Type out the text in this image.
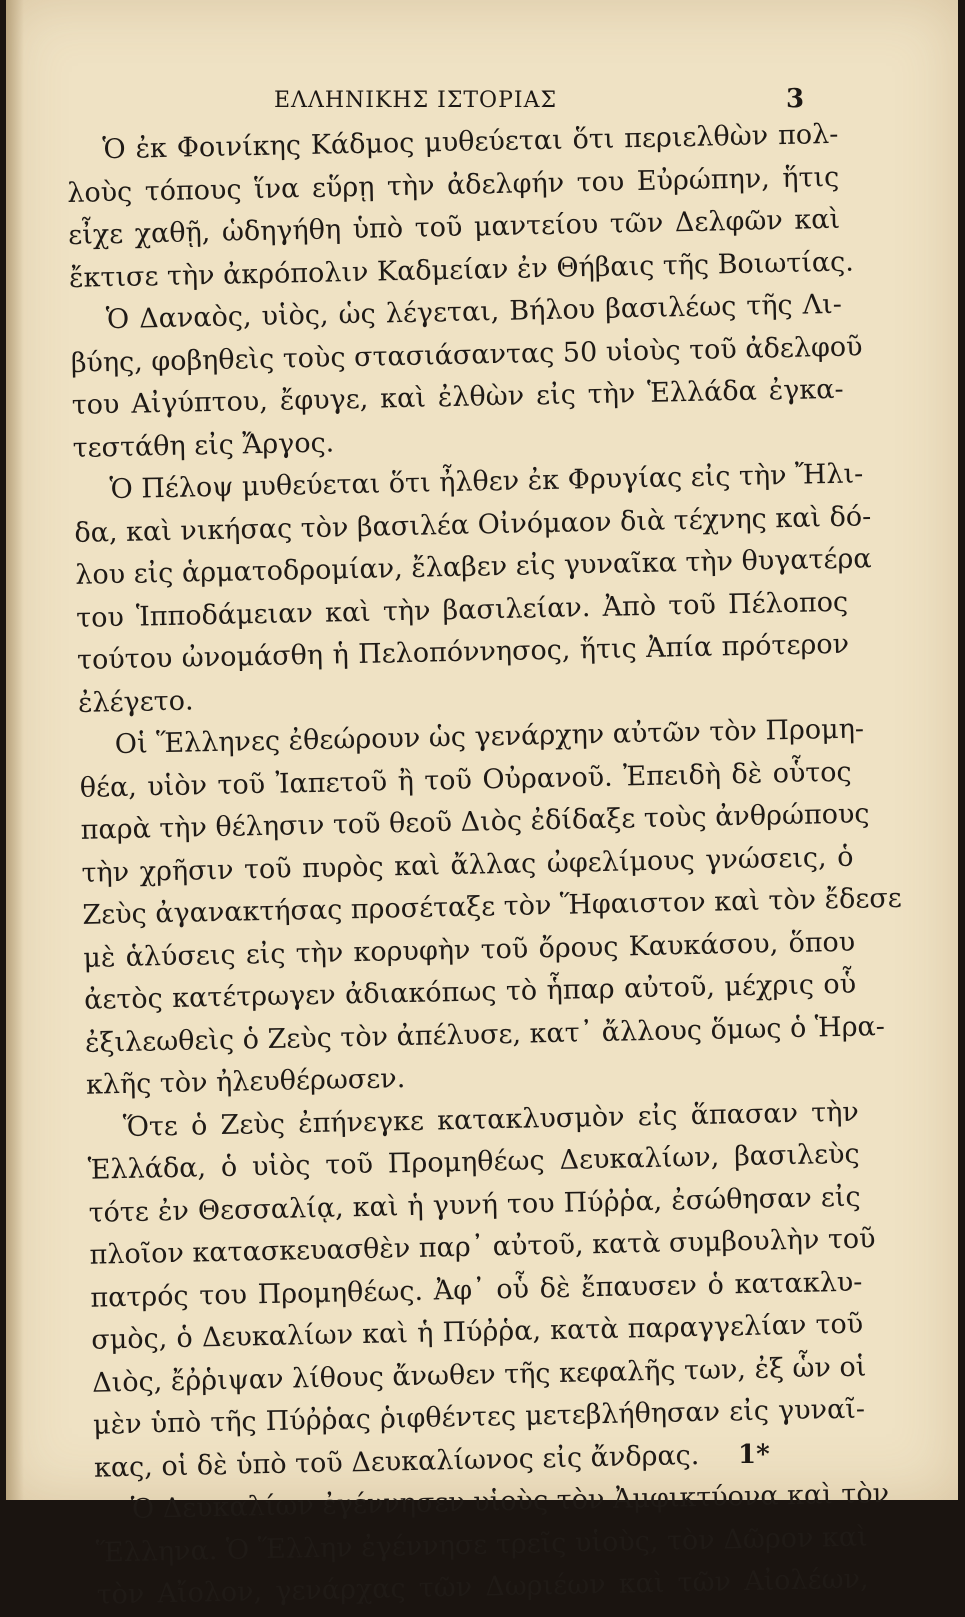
ΕΛΛΗΝΙΚΗΣ ΙΣΤΟΡΙΑΣ	3
Ὁ ἐκ Φοινίκης Κάδμος μυθεύεται ὅτι περιελθὼν πολ-
λοὺς τόπους ἵνα εὕρῃ τὴν ἀδελφήν του Εὐρώπην, ἥτις
εἶχε χαθῇ, ὡδηγήθη ὑπὸ τοῦ μαντείου τῶν Δελφῶν καὶ
ἔκτισε τὴν ἀκρόπολιν Καδμείαν ἐν Θήβαις τῆς Βοιωτίας.
Ὁ Δαναὸς, υἱὸς, ὡς λέγεται, Βήλου βασιλέως τῆς Λι-
βύης, φοβηθεὶς τοὺς στασιάσαντας 50 υἱοὺς τοῦ ἀδελφοῦ
του Αἰγύπτου, ἔφυγε, καὶ ἐλθὼν εἰς τὴν Ἑλλάδα ἐγκα-
τεστάθη εἰς Ἄργος.
Ὁ Πέλοψ μυθεύεται ὅτι ἦλθεν ἐκ Φρυγίας εἰς τὴν Ἤλι-
δα, καὶ νικήσας τὸν βασιλέα Οἰνόμαον διὰ τέχνης καὶ δό-
λου εἰς ἁρματοδρομίαν, ἔλαβεν εἰς γυναῖκα τὴν θυγατέρα
του Ἱπποδάμειαν καὶ τὴν βασιλείαν. Ἀπὸ τοῦ Πέλοπος
τούτου ὠνομάσθη ἡ Πελοπόννησος, ἥτις Ἀπία πρότερον
ἐλέγετο.
Οἱ Ἕλληνες ἐθεώρουν ὡς γενάρχην αὐτῶν τὸν Προμη-
θέα, υἱὸν τοῦ Ἰαπετοῦ ἢ τοῦ Οὐρανοῦ. Ἐπειδὴ δὲ οὗτος
παρὰ τὴν θέλησιν τοῦ θεοῦ Διὸς ἐδίδαξε τοὺς ἀνθρώπους
τὴν χρῆσιν τοῦ πυρὸς καὶ ἄλλας ὠφελίμους γνώσεις, ὁ
Ζεὺς ἀγανακτήσας προσέταξε τὸν Ἥφαιστον καὶ τὸν ἔδεσε
μὲ ἁλύσεις εἰς τὴν κορυφὴν τοῦ ὄρους Καυκάσου, ὅπου
ἀετὸς κατέτρωγεν ἀδιακόπως τὸ ἧπαρ αὐτοῦ, μέχρις οὗ
ἐξιλεωθεὶς ὁ Ζεὺς τὸν ἀπέλυσε, κατ᾽ ἄλλους ὅμως ὁ Ἡρα-
κλῆς τὸν ἠλευθέρωσεν.
Ὅτε ὁ Ζεὺς ἐπήνεγκε κατακλυσμὸν εἰς ἅπασαν τὴν
Ἑλλάδα, ὁ υἱὸς τοῦ Προμηθέως Δευκαλίων, βασιλεὺς
τότε ἐν Θεσσαλίᾳ, καὶ ἡ γυνή του Πύῤῥα, ἐσώθησαν εἰς
πλοῖον κατασκευασθὲν παρ᾽ αὐτοῦ, κατὰ συμβουλὴν τοῦ
πατρός του Προμηθέως. Ἀφ᾽ οὗ δὲ ἔπαυσεν ὁ κατακλυ-
σμὸς, ὁ Δευκαλίων καὶ ἡ Πύῤῥα, κατὰ παραγγελίαν τοῦ
Διὸς, ἔῤῥιψαν λίθους ἄνωθεν τῆς κεφαλῆς των, ἐξ ὧν οἱ
μὲν ὑπὸ τῆς Πύῤῥας ῥιφθέντες μετεβλήθησαν εἰς γυναῖ-
κας, οἱ δὲ ὑπὸ τοῦ Δευκαλίωνος εἰς ἄνδρας.
Ὁ Δευκαλίων ἐγέννησεν υἱοὺς τὸν Ἀμφικτύονα καὶ τὸν
Ἕλληνα. Ὁ Ἕλλην ἐγέννησε τρεῖς υἱοὺς, τὸν Δῶρον καὶ
τὸν Αἴολον, γενάρχας τῶν Δωριέων καὶ τῶν Αἰολέων,
1*
